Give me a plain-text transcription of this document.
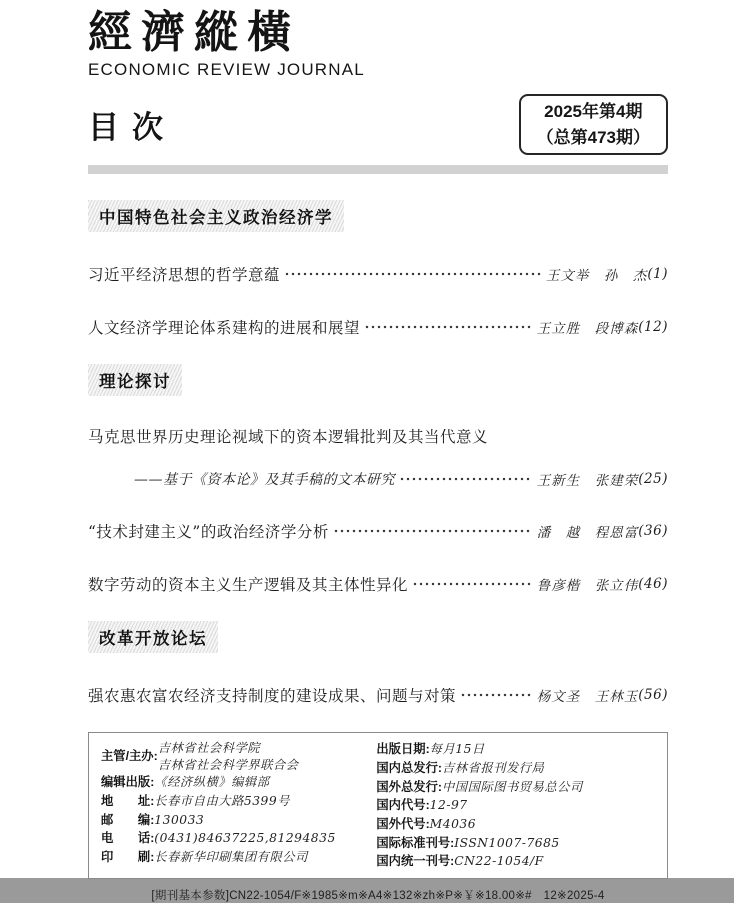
經濟縱橫
ECONOMIC REVIEW JOURNAL
目次	2025年第4期
（总第473期）
中国特色社会主义政治经济学
习近平经济思想的哲学意蕴	王文举　孙　杰 (1)
人文经济学理论体系建构的进展和展望	王立胜　段博森 (12)
理论探讨
马克思世界历史理论视域下的资本逻辑批判及其当代意义
——基于《资本论》及其手稿的文本研究	王新生　张建荣 (25)
“技术封建主义”的政治经济学分析	潘　越　程恩富 (36)
数字劳动的资本主义生产逻辑及其主体性异化	鲁彦楷　张立伟 (46)
改革开放论坛
强农惠农富农经济支持制度的建设成果、问题与对策	杨文圣　王林玉 (56)
主管/主办:
吉林省社会科学院
吉林省社会科学界联合会
编辑出版: 《经济纵横》编辑部
地　　址: 长春市自由大路5399号
邮　　编: 130033
电　　话: (0431)84637225,81294835
印　　刷: 长春新华印刷集团有限公司
出版日期: 每月15日
国内总发行: 吉林省报刊发行局
国外总发行: 中国国际图书贸易总公司
国内代号: 12-97
国外代号: M4036
国际标准刊号: ISSN1007-7685
国内统一刊号: CN22-1054/F
[期刊基本参数]CN22-1054/F※1985※m※A4※132※zh※P※￥※18.00※#　12※2025-4
